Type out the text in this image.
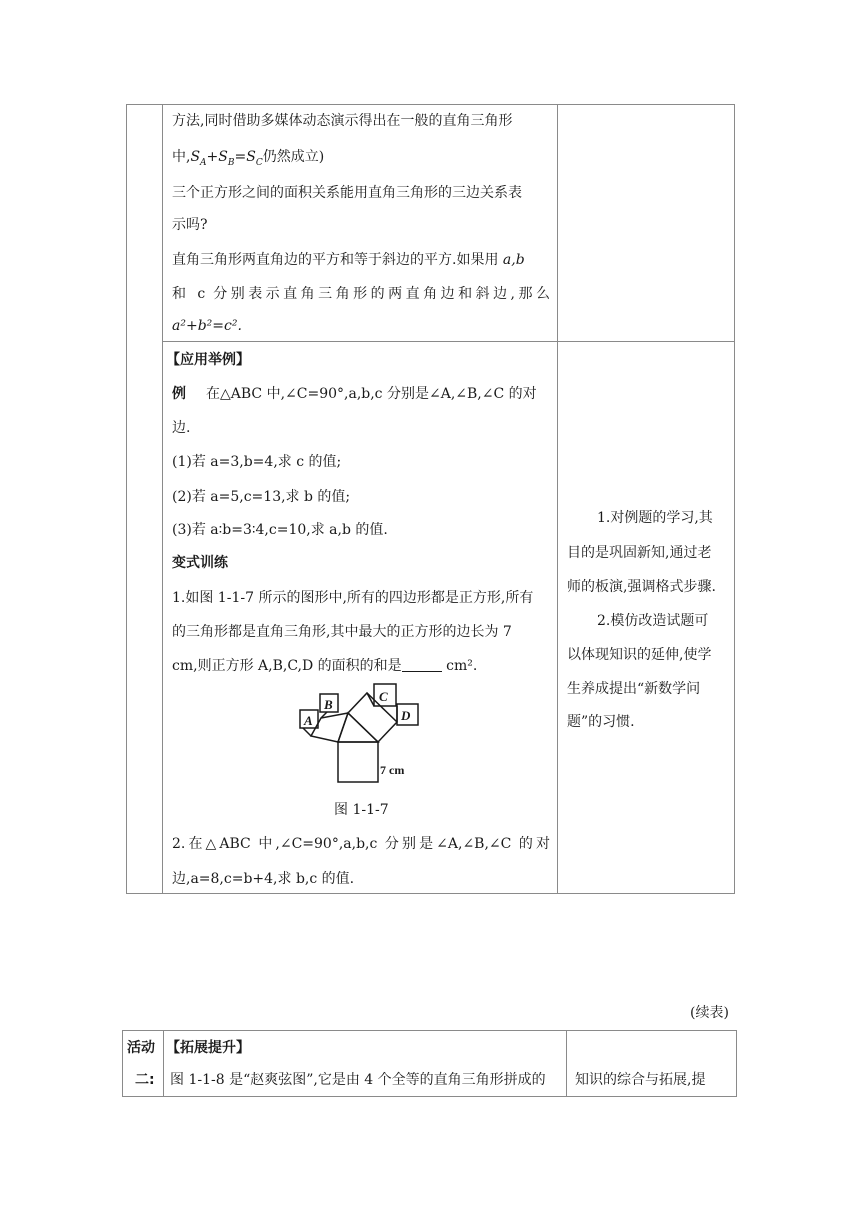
方法,同时借助多媒体动态演示得出在一般的直角三角形
中$,S_A+S_B=S_C$仍然成立)
三个正方形之间的面积关系能用直角三角形的三边关系表
示吗?
直角三角形两直角边的平方和等于斜边的平方.如果用 a,b
和 c 分别表示直角三角形的两直角边和斜边,那么
a²+b²=c².
【应用举例】
例 在△ABC 中,∠C=90°,a,b,c 分别是∠A,∠B,∠C 的对
边.
(1)若 a=3,b=4,求 c 的值;
(2)若 a=5,c=13,求 b 的值;
(3)若 a∶b=3∶4,c=10,求 a,b 的值.
变式训练
1.如图 1-1-7 所示的图形中,所有的四边形都是正方形,所有
的三角形都是直角三角形,其中最大的正方形的边长为 7
cm,则正方形 A,B,C,D 的面积的和是	cm².
A
B
C
D
7 cm
图 1-1-7
2.在△ABC 中,∠C=90°,a,b,c 分别是∠A,∠B,∠C 的对
边,a=8,c=b+4,求 b,c 的值.
1.对例题的学习,其
目的是巩固新知,通过老
师的板演,强调格式步骤.
2.模仿改造试题可
以体现知识的延伸,使学
生养成提出“新数学问
题”的习惯.
(续表)
活动
二:
【拓展提升】
图 1-1-8 是“赵爽弦图”,它是由 4 个全等的直角三角形拼成的 知识的综合与拓展,提
